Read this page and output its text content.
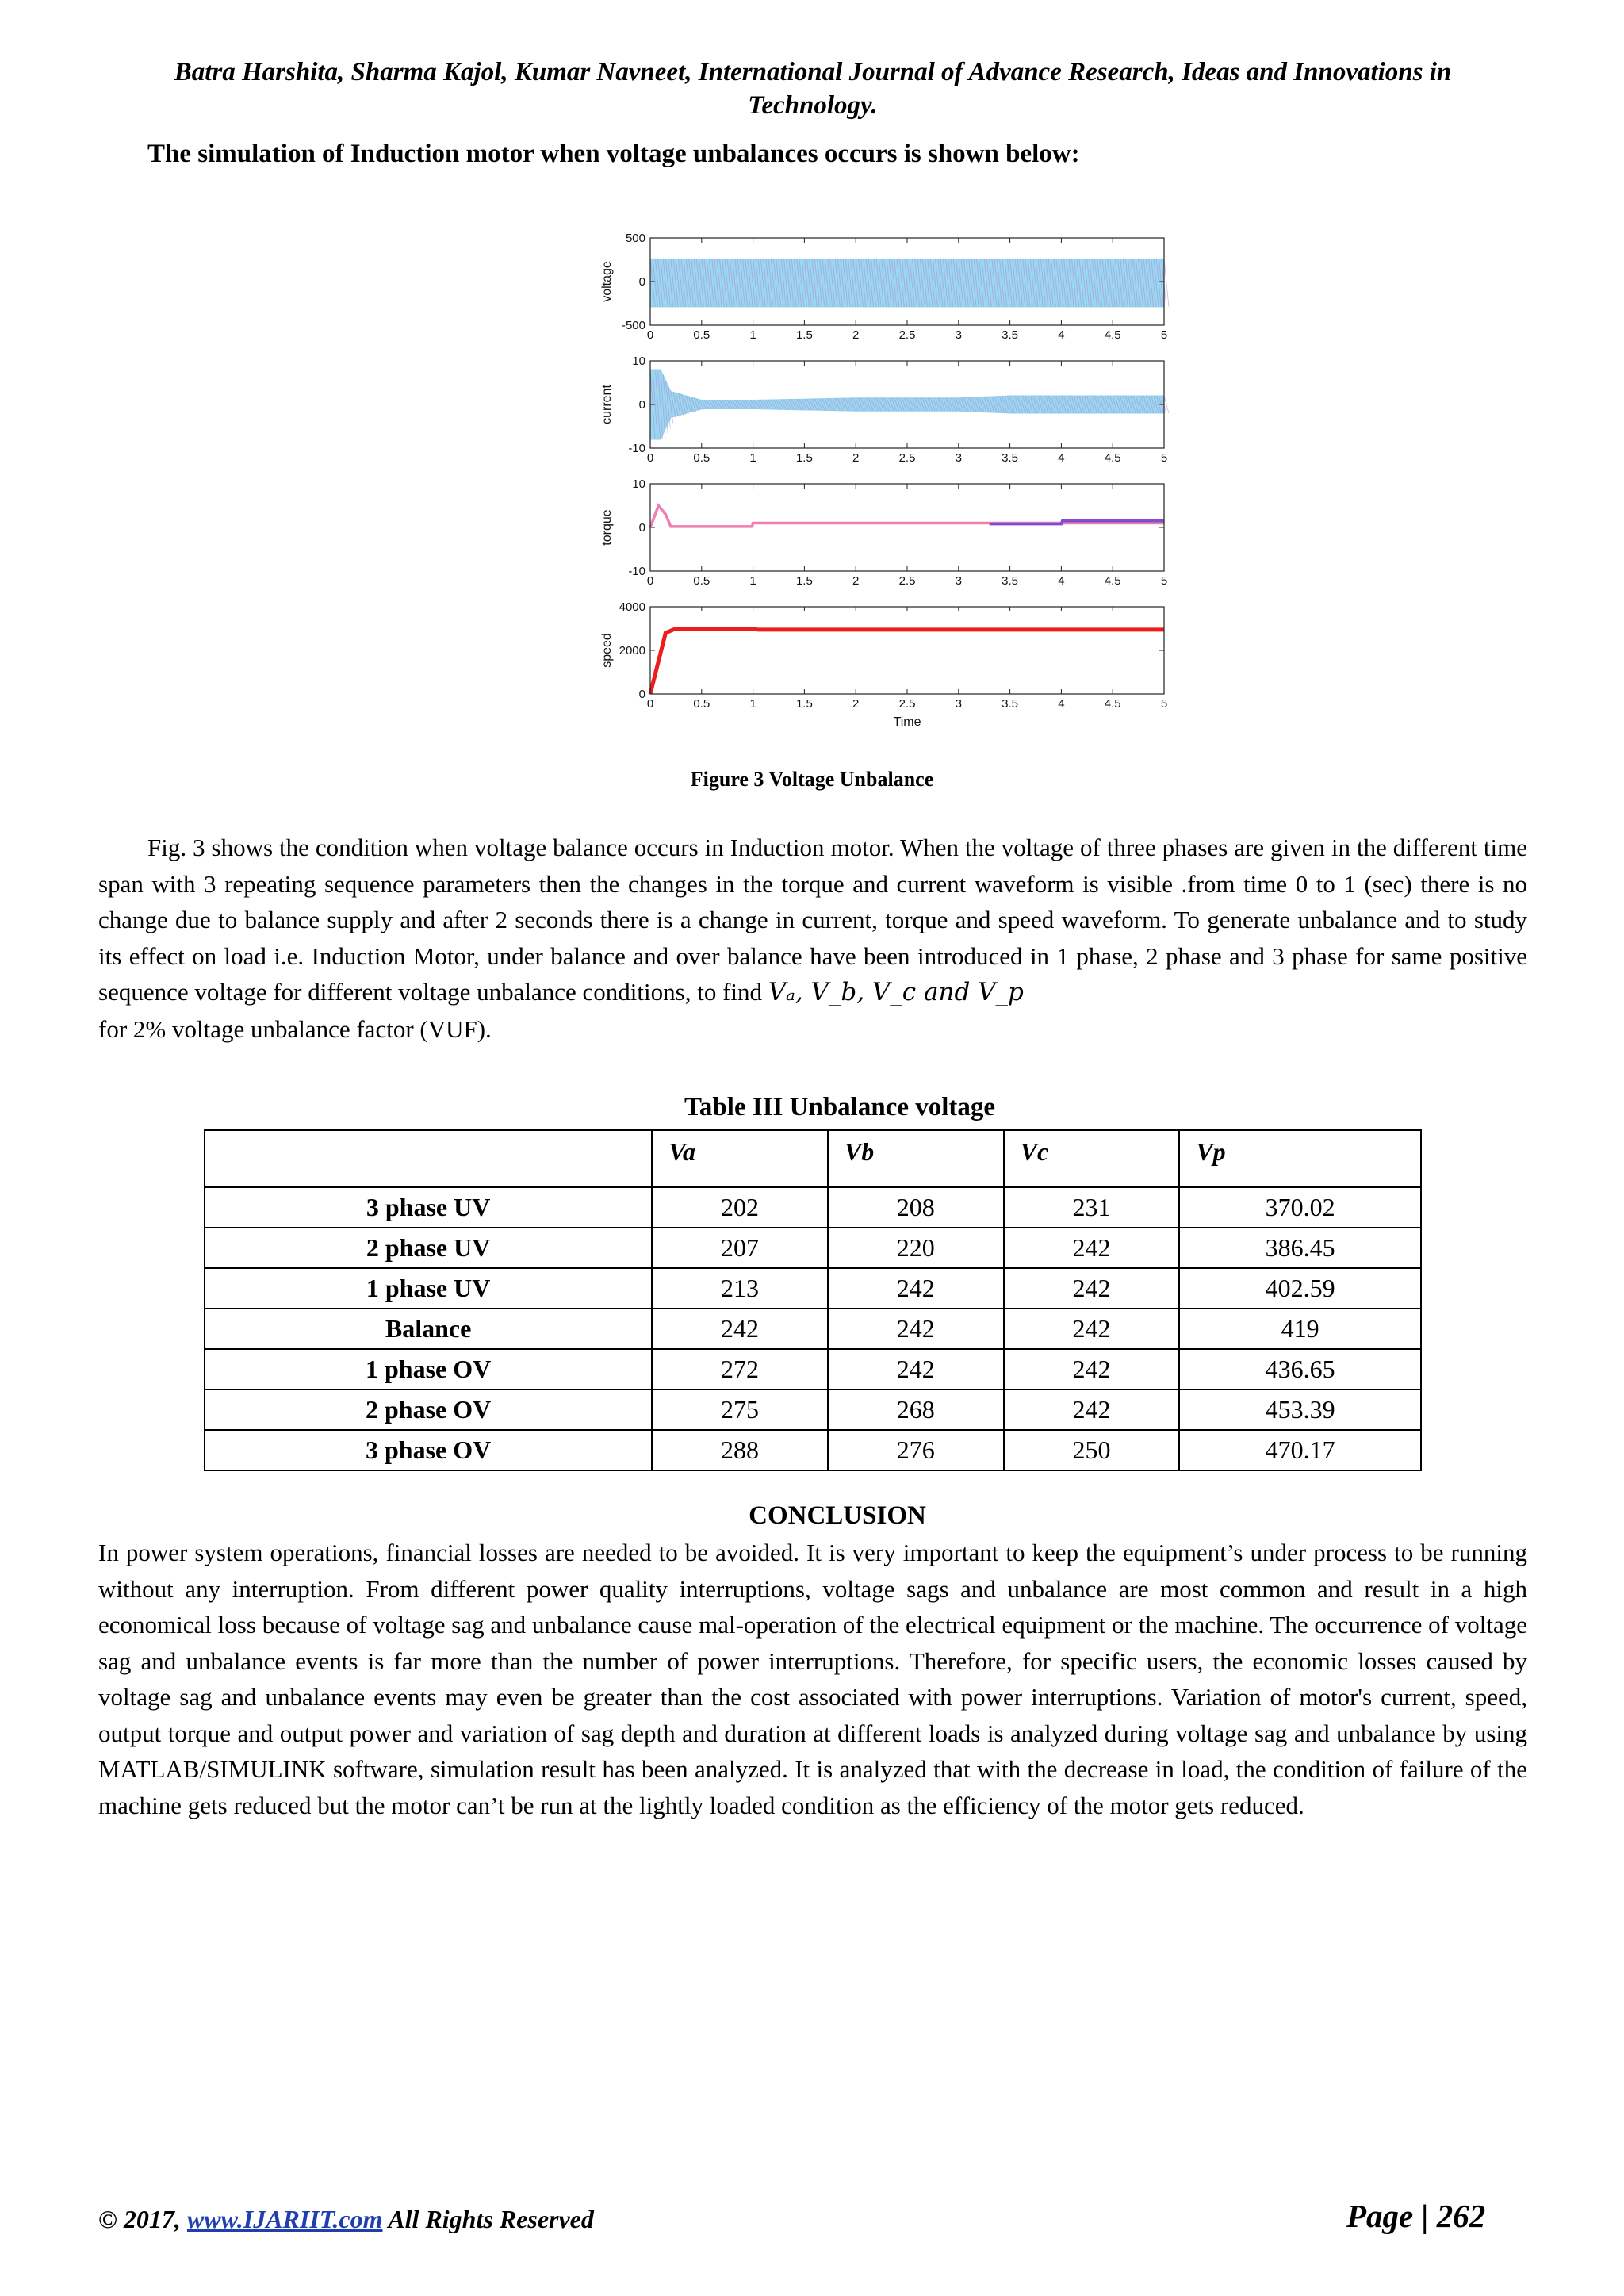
Batra Harshita, Sharma Kajol, Kumar Navneet, International Journal of Advance Research, Ideas and Innovations in
Technology.
The simulation of Induction motor when voltage unbalances occurs is shown below:
0	0.5	1	1.5	2	2.5	3	3.5	4	4.5	5
500
0
-500
voltage
0	0.5	1	1.5	2	2.5	3	3.5	4	4.5	5
10
0
-10
current
0	0.5	1	1.5	2	2.5	3	3.5	4	4.5	5
10
0
-10
torque
0	0.5	1	1.5	2	2.5	3	3.5	4	4.5	5
4000
2000
0
speed
Time
Figure 3 Voltage Unbalance

Fig. 3 shows the condition when voltage balance occurs in Induction motor. When the voltage of three phases are given in the different time span with 3 repeating sequence parameters then the changes in the torque and current waveform is visible .from time 0 to 1 (sec) there is no change due to balance supply and after 2 seconds there is a change in current, torque and speed waveform. To generate unbalance and to study its effect on load i.e. Induction Motor, under balance and over balance have been introduced in 1 phase, 2 phase and 3 phase for same positive sequence voltage for different voltage unbalance conditions, to find Vₐ, V_b, V_c and V_p

for 2% voltage unbalance factor (VUF).

Table III Unbalance voltage
	Va	Vb	Vc	Vp
3 phase UV	202	208	231	370.02
2 phase UV	207	220	242	386.45
1 phase UV	213	242	242	402.59
Balance	242	242	242	419
1 phase OV	272	242	242	436.65
2 phase OV	275	268	242	453.39
3 phase OV	288	276	250	470.17
CONCLUSION

In power system operations, financial losses are needed to be avoided. It is very important to keep the equipment’s under process to be running without any interruption. From different power quality interruptions, voltage sags and unbalance are most common and result in a high economical loss because of voltage sag and unbalance cause mal-operation of the electrical equipment or the machine. The occurrence of voltage sag and unbalance events is far more than the number of power interruptions. Therefore, for specific users, the economic losses caused by voltage sag and unbalance events may even be greater than the cost associated with power interruptions. Variation of motor's current, speed, output torque and output power and variation of sag depth and duration at different loads is analyzed during voltage sag and unbalance by using MATLAB/SIMULINK software, simulation result has been analyzed. It is analyzed that with the decrease in load, the condition of failure of the machine gets reduced but the motor can’t be run at the lightly loaded condition as the efficiency of the motor gets reduced.

© 2017, www.IJARIIT.com All Rights Reserved	Page | 262
